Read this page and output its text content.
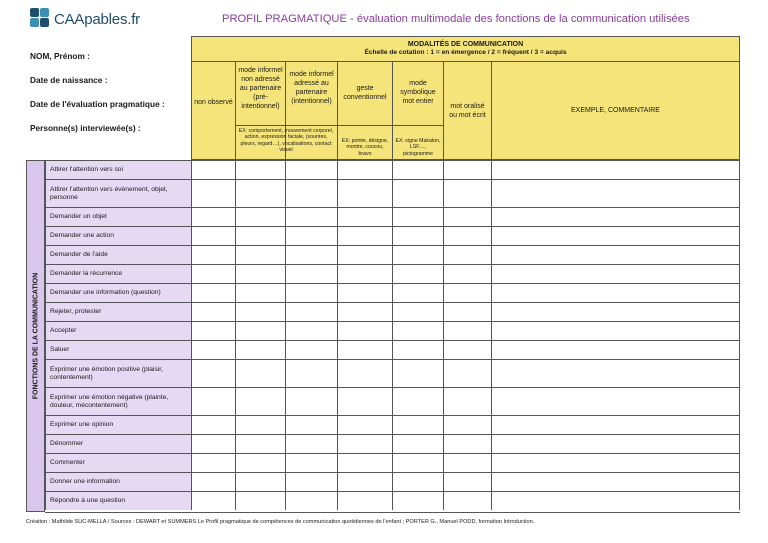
CAApables.fr	PROFIL PRAGMATIQUE - évaluation multimodale des fonctions de la communication utilisées
NOM, Prénom :
Date de naissance :
Date de l'évaluation pragmatique :
Personne(s) interviewée(s) :
MODALITÉS DE COMMUNICATION
Échelle de cotation : 1 = en émergence / 2 = fréquent / 3 = acquis
non observé
mode informel non adressé au partenaire (pré-intentionnel)
mode informel adressé au partenaire (intentionnel)
geste conventionnel
EX: pointe, désigne, montre, coucou, bravo
mode symbolique mot entier
EX: signe Makaton, LSF…, pictogramme
mot oralisé ou mot écrit
EXEMPLE, COMMENTAIRE
EX: comportement, mouvement corporel, action, expression faciale, (sourires, pleurs, regard…), vocalisations, contact visuel
FONCTIONS DE LA COMMUNICATION
Attirer l'attention vers soi
Attirer l'attention vers évènement, objet, personne
Demander un objet
Demander une action
Demander de l'aide
Demander la récurrence
Demander une information (question)
Rejeter, protester
Accepter
Saluer
Exprimer une émotion positive (plaisir, contentement)
Exprimer une émotion négative (plainte, douleur, mécontentement)
Exprimer une opinion
Dénommer
Commenter
Donner une information
Répondre à une question
Création : Mathilde SUC-MELLA / Sources : DEWART et SUMMERS Le Profil pragmatique de compétences de communication quotidiennes de l'enfant ; PORTER G., Manuel PODD, formation Introduction.
